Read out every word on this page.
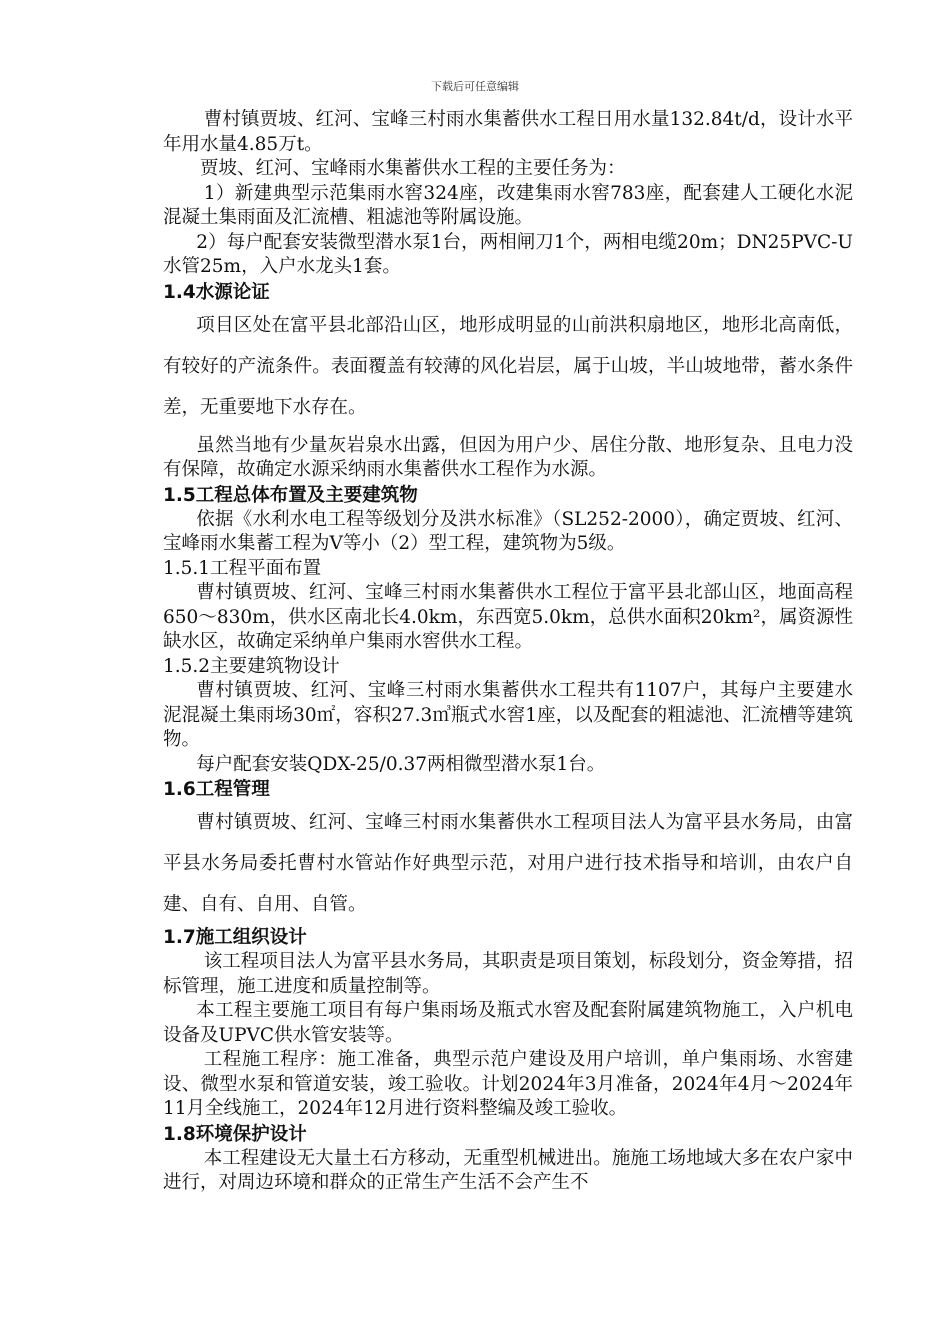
下载后可任意编辑

曹村镇贾坡、红河、宝峰三村雨水集蓄供水工程日用水量132.84t/d，设计水平年用水量4.85万t。

贾坡、红河、宝峰雨水集蓄供水工程的主要任务为：

1）新建典型示范集雨水窖324座，改建集雨水窖783座，配套建人工硬化水泥混凝土集雨面及汇流槽、粗滤池等附属设施。

2）每户配套安装微型潜水泵1台，两相闸刀1个，两相电缆20m；DN25PVC-U水管25m，入户水龙头1套。

1.4水源论证

项目区处在富平县北部沿山区，地形成明显的山前洪积扇地区，地形北高南低，有较好的产流条件。表面覆盖有较薄的风化岩层，属于山坡，半山坡地带，蓄水条件差，无重要地下水存在。

虽然当地有少量灰岩泉水出露，但因为用户少、居住分散、地形复杂、且电力没有保障，故确定水源采纳雨水集蓄供水工程作为水源。

1.5工程总体布置及主要建筑物

依据《水利水电工程等级划分及洪水标准》（SL252-2000），确定贾坡、红河、宝峰雨水集蓄工程为Ⅴ等小（2）型工程，建筑物为5级。

1.5.1工程平面布置

曹村镇贾坡、红河、宝峰三村雨水集蓄供水工程位于富平县北部山区，地面高程650～830m，供水区南北长4.0km，东西宽5.0km，总供水面积20km²，属资源性缺水区，故确定采纳单户集雨水窖供水工程。

1.5.2主要建筑物设计

曹村镇贾坡、红河、宝峰三村雨水集蓄供水工程共有1107户，其每户主要建水泥混凝土集雨场30㎡，容积27.3㎥瓶式水窖1座，以及配套的粗滤池、汇流槽等建筑物。

每户配套安装QDX-25/0.37两相微型潜水泵1台。

1.6工程管理

曹村镇贾坡、红河、宝峰三村雨水集蓄供水工程项目法人为富平县水务局，由富平县水务局委托曹村水管站作好典型示范，对用户进行技术指导和培训，由农户自建、自有、自用、自管。

1.7施工组织设计

该工程项目法人为富平县水务局，其职责是项目策划，标段划分，资金筹措，招标管理，施工进度和质量控制等。

本工程主要施工项目有每户集雨场及瓶式水窖及配套附属建筑物施工，入户机电设备及UPVC供水管安装等。

工程施工程序：施工准备，典型示范户建设及用户培训，单户集雨场、水窖建设、微型水泵和管道安装，竣工验收。计划2024年3月准备，2024年4月～2024年11月全线施工，2024年12月进行资料整编及竣工验收。

1.8环境保护设计

本工程建设无大量土石方移动，无重型机械进出。施施工场地域大多在农户家中进行，对周边环境和群众的正常生产生活不会产生不
